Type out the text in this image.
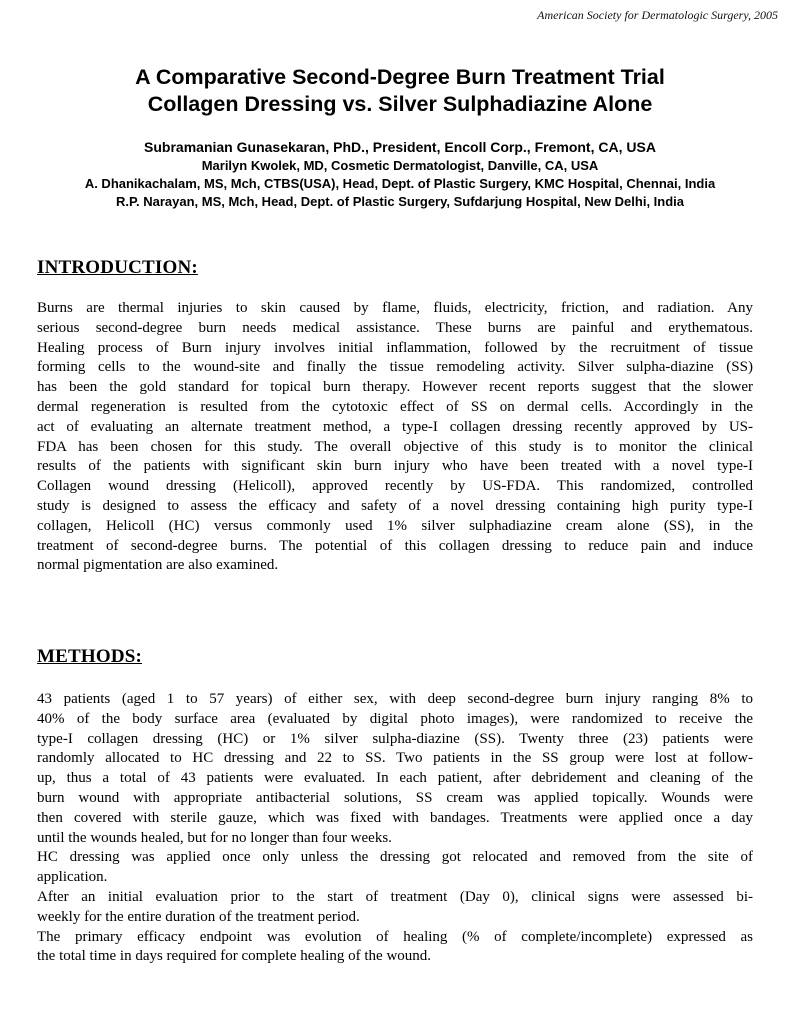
American Society for Dermatologic Surgery, 2005
A Comparative Second-Degree Burn Treatment Trial
Collagen Dressing vs. Silver Sulphadiazine Alone
Subramanian Gunasekaran, PhD., President, Encoll Corp., Fremont, CA, USA
Marilyn Kwolek, MD, Cosmetic Dermatologist, Danville, CA, USA
A. Dhanikachalam, MS, Mch, CTBS(USA), Head, Dept. of Plastic Surgery, KMC Hospital, Chennai, India
R.P. Narayan, MS, Mch, Head, Dept. of Plastic Surgery, Sufdarjung Hospital, New Delhi, India
INTRODUCTION:
Burns are thermal injuries to skin caused by flame, fluids, electricity, friction, and radiation. Any
serious second-degree burn needs medical assistance. These burns are painful and erythematous.
Healing process of Burn injury involves initial inflammation, followed by the recruitment of tissue
forming cells to the wound-site and finally the tissue remodeling activity. Silver sulpha-diazine (SS)
has been the gold standard for topical burn therapy. However recent reports suggest that the slower
dermal regeneration is resulted from the cytotoxic effect of SS on dermal cells. Accordingly in the
act of evaluating an alternate treatment method, a type-I collagen dressing recently approved by US-
FDA has been chosen for this study. The overall objective of this study is to monitor the clinical
results of the patients with significant skin burn injury who have been treated with a novel type-I
Collagen wound dressing (Helicoll), approved recently by US-FDA. This randomized, controlled
study is designed to assess the efficacy and safety of a novel dressing containing high purity type-I
collagen, Helicoll (HC) versus commonly used 1% silver sulphadiazine cream alone (SS), in the
treatment of second-degree burns. The potential of this collagen dressing to reduce pain and induce
normal pigmentation are also examined.
METHODS:
43 patients (aged 1 to 57 years) of either sex, with deep second-degree burn injury ranging 8% to
40% of the body surface area (evaluated by digital photo images), were randomized to receive the
type-I collagen dressing (HC) or 1% silver sulpha-diazine (SS). Twenty three (23) patients were
randomly allocated to HC dressing and 22 to SS. Two patients in the SS group were lost at follow-
up, thus a total of 43 patients were evaluated. In each patient, after debridement and cleaning of the
burn wound with appropriate antibacterial solutions, SS cream was applied topically. Wounds were
then covered with sterile gauze, which was fixed with bandages. Treatments were applied once a day
until the wounds healed, but for no longer than four weeks.
HC dressing was applied once only unless the dressing got relocated and removed from the site of
application.
After an initial evaluation prior to the start of treatment (Day 0), clinical signs were assessed bi-
weekly for the entire duration of the treatment period.
The primary efficacy endpoint was evolution of healing (% of complete/incomplete) expressed as
the total time in days required for complete healing of the wound.
